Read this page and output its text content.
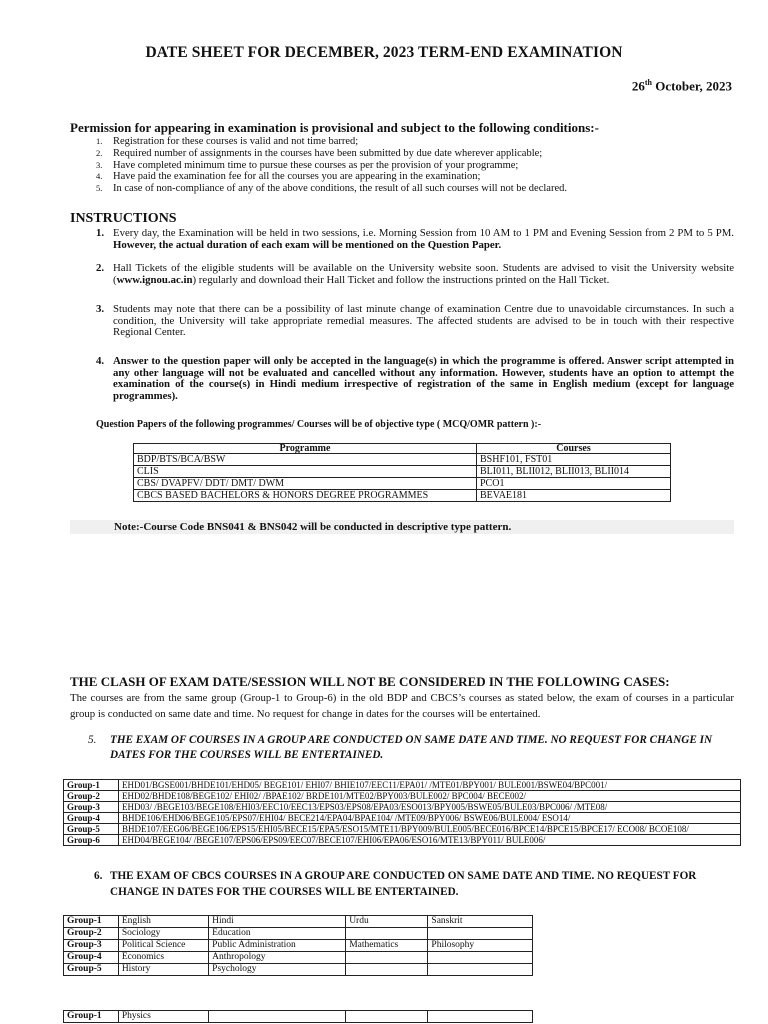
DATE SHEET FOR DECEMBER, 2023 TERM-END EXAMINATION
26th October, 2023
Permission for appearing in examination is provisional and subject to the following conditions:-
1.	Registration for these courses is valid and not time barred;
2.	Required number of assignments in the courses have been submitted by due date wherever applicable;
3.	Have completed minimum time to pursue these courses as per the provision of your programme;
4.	Have paid the examination fee for all the courses you are appearing in the examination;
5.	In case of non-compliance of any of the above conditions, the result of all such courses will not be declared.
INSTRUCTIONS
1. Every day, the Examination will be held in two sessions, i.e. Morning Session from 10 AM to 1 PM and Evening Session from 2 PM to 5 PM. However, the actual duration of each exam will be mentioned on the Question Paper.
2. Hall Tickets of the eligible students will be available on the University website soon. Students are advised to visit the University website (www.ignou.ac.in) regularly and download their Hall Ticket and follow the instructions printed on the Hall Ticket.
3. Students may note that there can be a possibility of last minute change of examination Centre due to unavoidable circumstances. In such a condition, the University will take appropriate remedial measures. The affected students are advised to be in touch with their respective Regional Center.
4. Answer to the question paper will only be accepted in the language(s) in which the programme is offered. Answer script attempted in any other language will not be evaluated and cancelled without any information. However, students have an option to attempt the examination of the course(s) in Hindi medium irrespective of registration of the same in English medium (except for language programmes).
Question Papers of the following programmes/ Courses will be of objective type ( MCQ/OMR pattern ):-
Programme	Courses
BDP/BTS/BCA/BSW	BSHF101, FST01
CLIS	BLI011, BLII012, BLII013, BLII014
CBS/ DVAPFV/ DDT/ DMT/ DWM	PCO1
CBCS BASED BACHELORS & HONORS DEGREE PROGRAMMES	BEVAE181
Note:-Course Code BNS041 & BNS042 will be conducted in descriptive type pattern.
THE CLASH OF EXAM DATE/SESSION WILL NOT BE CONSIDERED IN THE FOLLOWING CASES:
The courses are from the same group (Group-1 to Group-6) in the old BDP and CBCS’s courses as stated below, the exam of courses in a particular group is conducted on same date and time. No request for change in dates for the courses will be entertained.
5.	THE EXAM OF COURSES IN A GROUP ARE CONDUCTED ON SAME DATE AND TIME. NO REQUEST FOR CHANGE IN DATES FOR THE COURSES WILL BE ENTERTAINED.
Group-1	EHD01/BGSE001/BHDE101/EHD05/ BEGE101/ EHI07/ BHIE107/EEC11/EPA01/ /MTE01/BPY001/ BULE001/BSWE04/BPC001/
Group-2	EHD02/BHDE108/BEGE102/ EHI02/ /BPAE102/ BRDE101/MTE02/BPY003/BULE002/ BPC004/ BECE002/
Group-3	EHD03/ /BEGE103/BEGE108/EHI03/EEC10/EEC13/EPS03/EPS08/EPA03/ESO013/BPY005/BSWE05/BULE03/BPC006/ /MTE08/
Group-4	BHDE106/EHD06/BEGE105/EPS07/EHI04/ BECE214/EPA04/BPAE104/ /MTE09/BPY006/ BSWE06/BULE004/ ESO14/
Group-5	BHDE107/EEG06/BEGE106/EPS15/EHI05/BECE15/EPA5/ESO15/MTE11/BPY009/BULE005/BECE016/BPCE14/BPCE15/BPCE17/ ECO08/ BCOE108/
Group-6	EHD04/BEGE104/ /BEGE107/EPS06/EPS09/EEC07/BECE107/EHI06/EPA06/ESO16/MTE13/BPY011/ BULE006/
6. THE EXAM OF CBCS COURSES IN A GROUP ARE CONDUCTED ON SAME DATE AND TIME. NO REQUEST FOR CHANGE IN DATES FOR THE COURSES WILL BE ENTERTAINED.
Group-1	English	Hindi	Urdu	Sanskrit
Group-2	Sociology	Education		
Group-3	Political Science	Public Administration	Mathematics	Philosophy
Group-4	Economics	Anthropology		
Group-5	History	Psychology		
Group-1	Physics			
